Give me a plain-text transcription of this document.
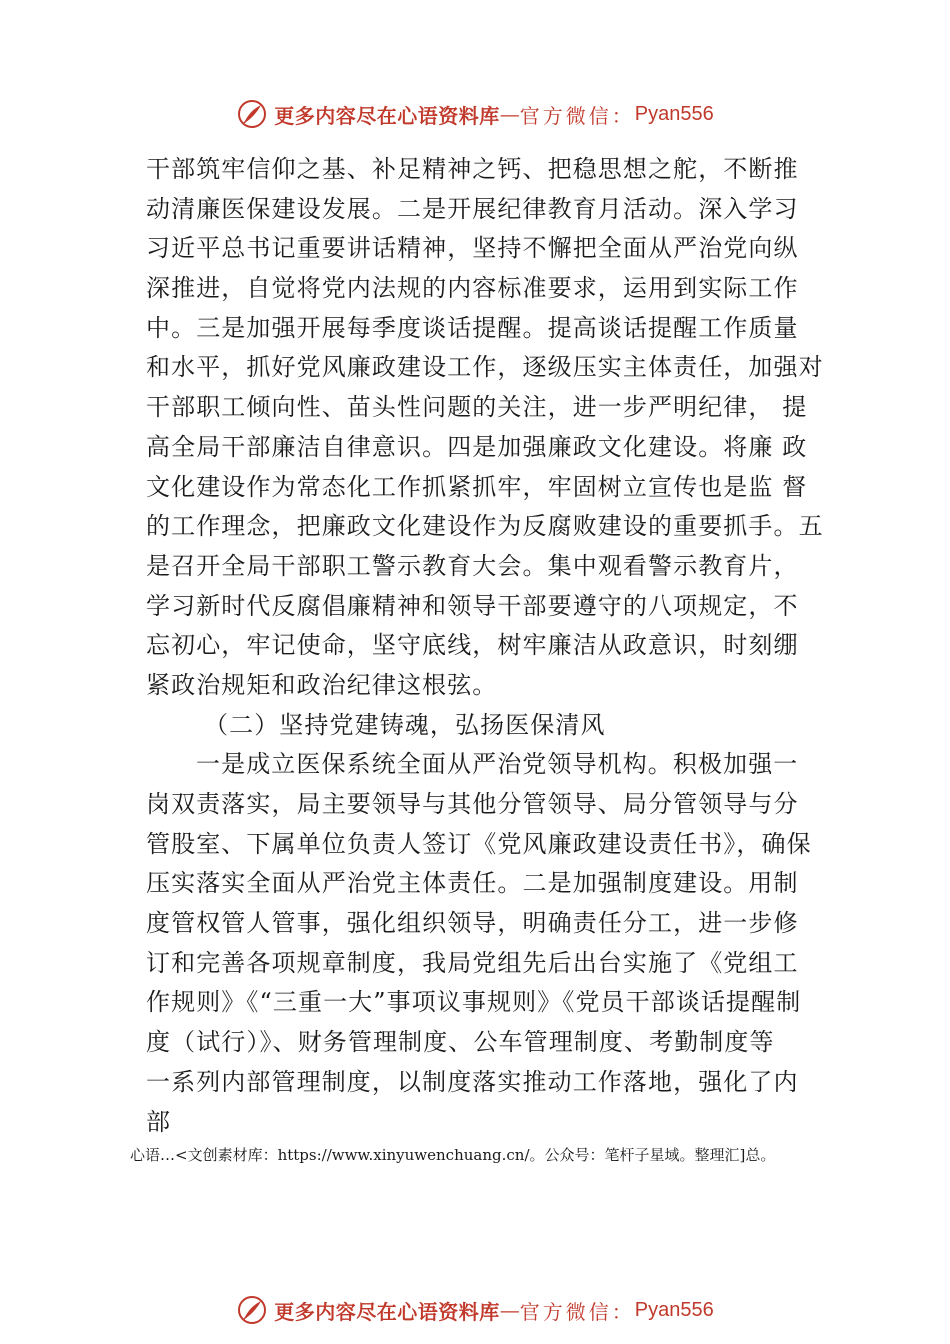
更多内容尽在心语资料库 — 官方微信： Pyan556
干部筑牢信仰之基、补足精神之钙、把稳思想之舵，不断推
动清廉医保建设发展。二是开展纪律教育月活动。深入学习
习近平总书记重要讲话精神，坚持不懈把全面从严治党向纵
深推进，自觉将党内法规的内容标准要求，运用到实际工作
中。三是加强开展每季度谈话提醒。提高谈话提醒工作质量
和水平，抓好党风廉政建设工作，逐级压实主体责任，加强对
干部职工倾向性、苗头性问题的关注，进一步严明纪律， 提
高全局干部廉洁自律意识。四是加强廉政文化建设。将廉 政
文化建设作为常态化工作抓紧抓牢，牢固树立宣传也是监 督
的工作理念，把廉政文化建设作为反腐败建设的重要抓手。五
是召开全局干部职工警示教育大会。集中观看警示教育片，
学习新时代反腐倡廉精神和领导干部要遵守的八项规定，不
忘初心，牢记使命，坚守底线，树牢廉洁从政意识，时刻绷
紧政治规矩和政治纪律这根弦。
（二）坚持党建铸魂，弘扬医保清风
一是成立医保系统全面从严治党领导机构。积极加强一
岗双责落实，局主要领导与其他分管领导、局分管领导与分
管股室、下属单位负责人签订《党风廉政建设责任书》，确保
压实落实全面从严治党主体责任。二是加强制度建设。用制
度管权管人管事，强化组织领导，明确责任分工，进一步修
订和完善各项规章制度，我局党组先后出台实施了《党组工
作规则》《“三重一大”事项议事规则》《党员干部谈话提醒制
度（试行）》、财务管理制度、公车管理制度、考勤制度等
一系列内部管理制度，以制度落实推动工作落地，强化了内
部
心语…<文创素材库：https://www.xinyuwenchuang.cn/。公众号：笔杆子星域。整理汇]总。
更多内容尽在心语资料库 — 官方微信： Pyan556
